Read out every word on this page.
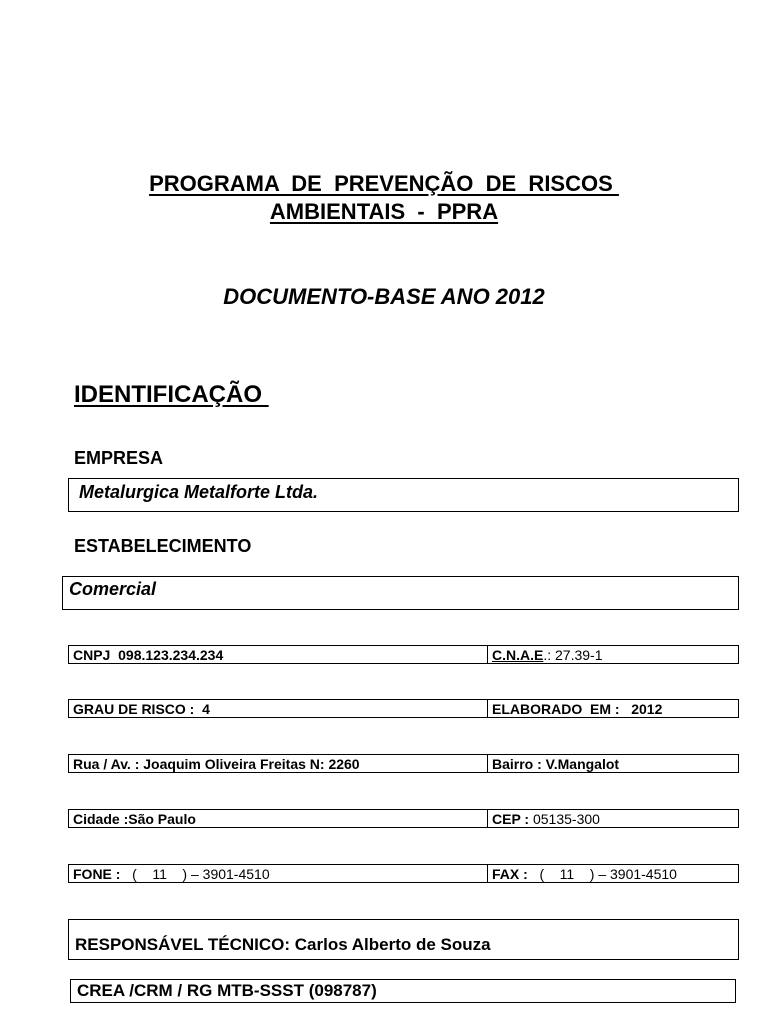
PROGRAMA  DE  PREVENÇÃO  DE  RISCOS
AMBIENTAIS  -  PPRA
DOCUMENTO-BASE ANO 2012
IDENTIFICAÇÃO
EMPRESA
Metalurgica Metalforte Ltda.
ESTABELECIMENTO
Comercial
CNPJ  098.123.234.234	C.N.A.E .: 27.39-1
GRAU DE RISCO :  4	ELABORADO  EM :   2012
Rua / Av. : Joaquim Oliveira Freitas N: 2260	Bairro : V.Mangalot
Cidade :São Paulo	CEP : 05135-300
FONE : (    11    ) – 3901-4510	FAX : (    11    ) – 3901-4510
RESPONSÁVEL TÉCNICO: Carlos Alberto de Souza
CREA /CRM / RG MTB-SSST (098787)
